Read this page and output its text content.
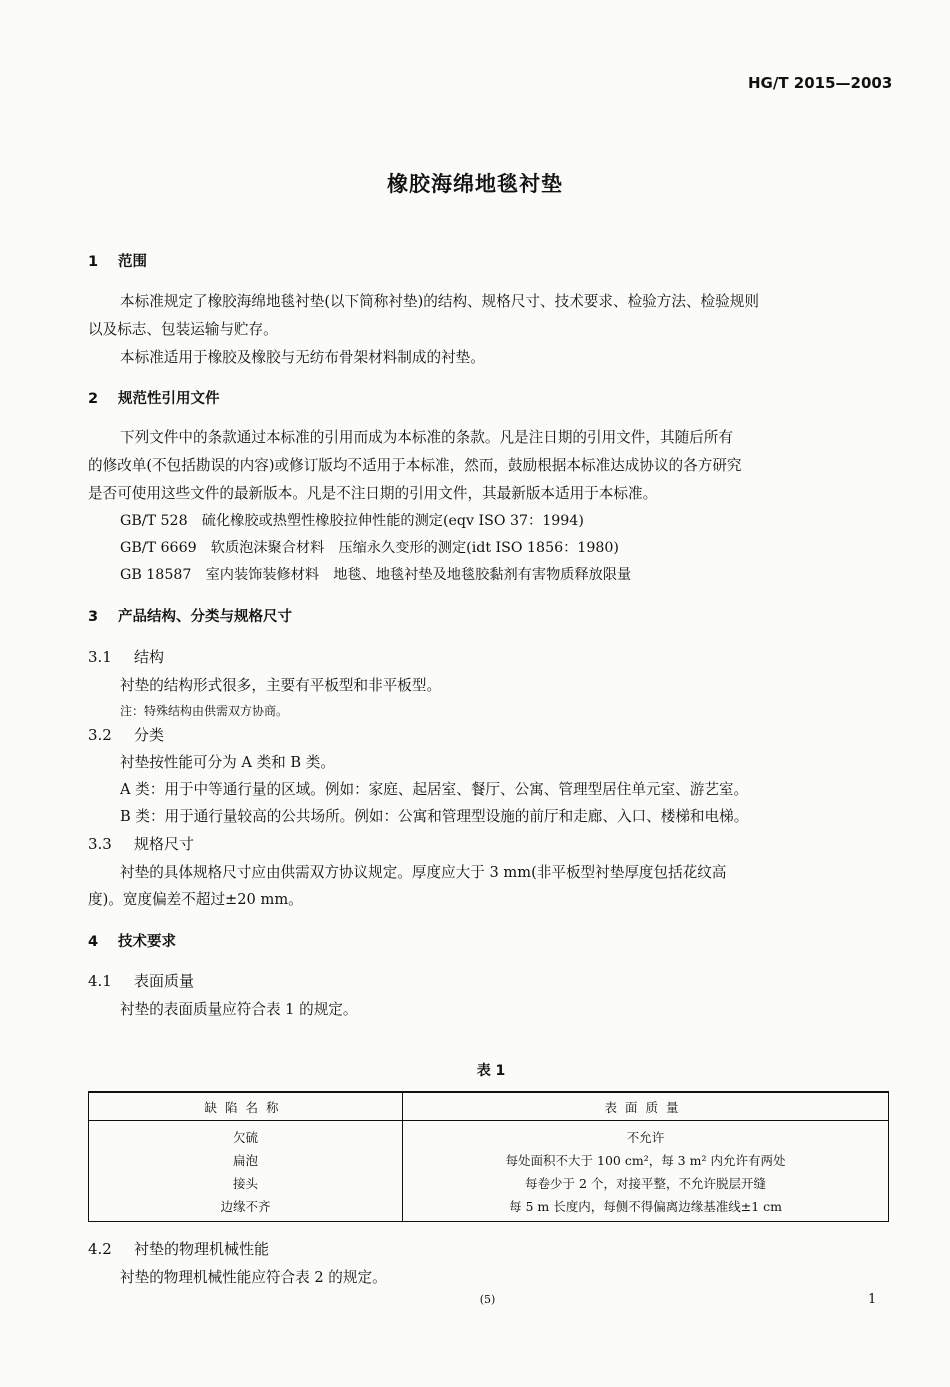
HG/T 2015—2003
橡胶海绵地毯衬垫
1 范围
本标准规定了橡胶海绵地毯衬垫(以下简称衬垫)的结构、规格尺寸、技术要求、检验方法、检验规则
以及标志、包装运输与贮存。
本标准适用于橡胶及橡胶与无纺布骨架材料制成的衬垫。
2 规范性引用文件
下列文件中的条款通过本标准的引用而成为本标准的条款。凡是注日期的引用文件，其随后所有
的修改单(不包括勘误的内容)或修订版均不适用于本标准，然而，鼓励根据本标准达成协议的各方研究
是否可使用这些文件的最新版本。凡是不注日期的引用文件，其最新版本适用于本标准。
GB/T 528　硫化橡胶或热塑性橡胶拉伸性能的测定(eqv ISO 37：1994)
GB/T 6669　软质泡沫聚合材料　压缩永久变形的测定(idt ISO 1856：1980)
GB 18587　室内装饰装修材料　地毯、地毯衬垫及地毯胶黏剂有害物质释放限量
3 产品结构、分类与规格尺寸
3.1 结构
衬垫的结构形式很多，主要有平板型和非平板型。
注：特殊结构由供需双方协商。
3.2 分类
衬垫按性能可分为 A 类和 B 类。
A 类：用于中等通行量的区域。例如：家庭、起居室、餐厅、公寓、管理型居住单元室、游艺室。
B 类：用于通行量较高的公共场所。例如：公寓和管理型设施的前厅和走廊、入口、楼梯和电梯。
3.3 规格尺寸
衬垫的具体规格尺寸应由供需双方协议规定。厚度应大于 3 mm(非平板型衬垫厚度包括花纹高
度)。宽度偏差不超过±20 mm。
4 技术要求
4.1 表面质量
衬垫的表面质量应符合表 1 的规定。
表 1
缺陷名称	表面质量
欠硫	不允许
扁泡	每处面积不大于 100 cm²，每 3 m² 内允许有两处
接头	每卷少于 2 个，对接平整，不允许脱层开缝
边缘不齐	每 5 m 长度内，每侧不得偏离边缘基准线±1 cm
4.2 衬垫的物理机械性能
衬垫的物理机械性能应符合表 2 的规定。
(5)	1
